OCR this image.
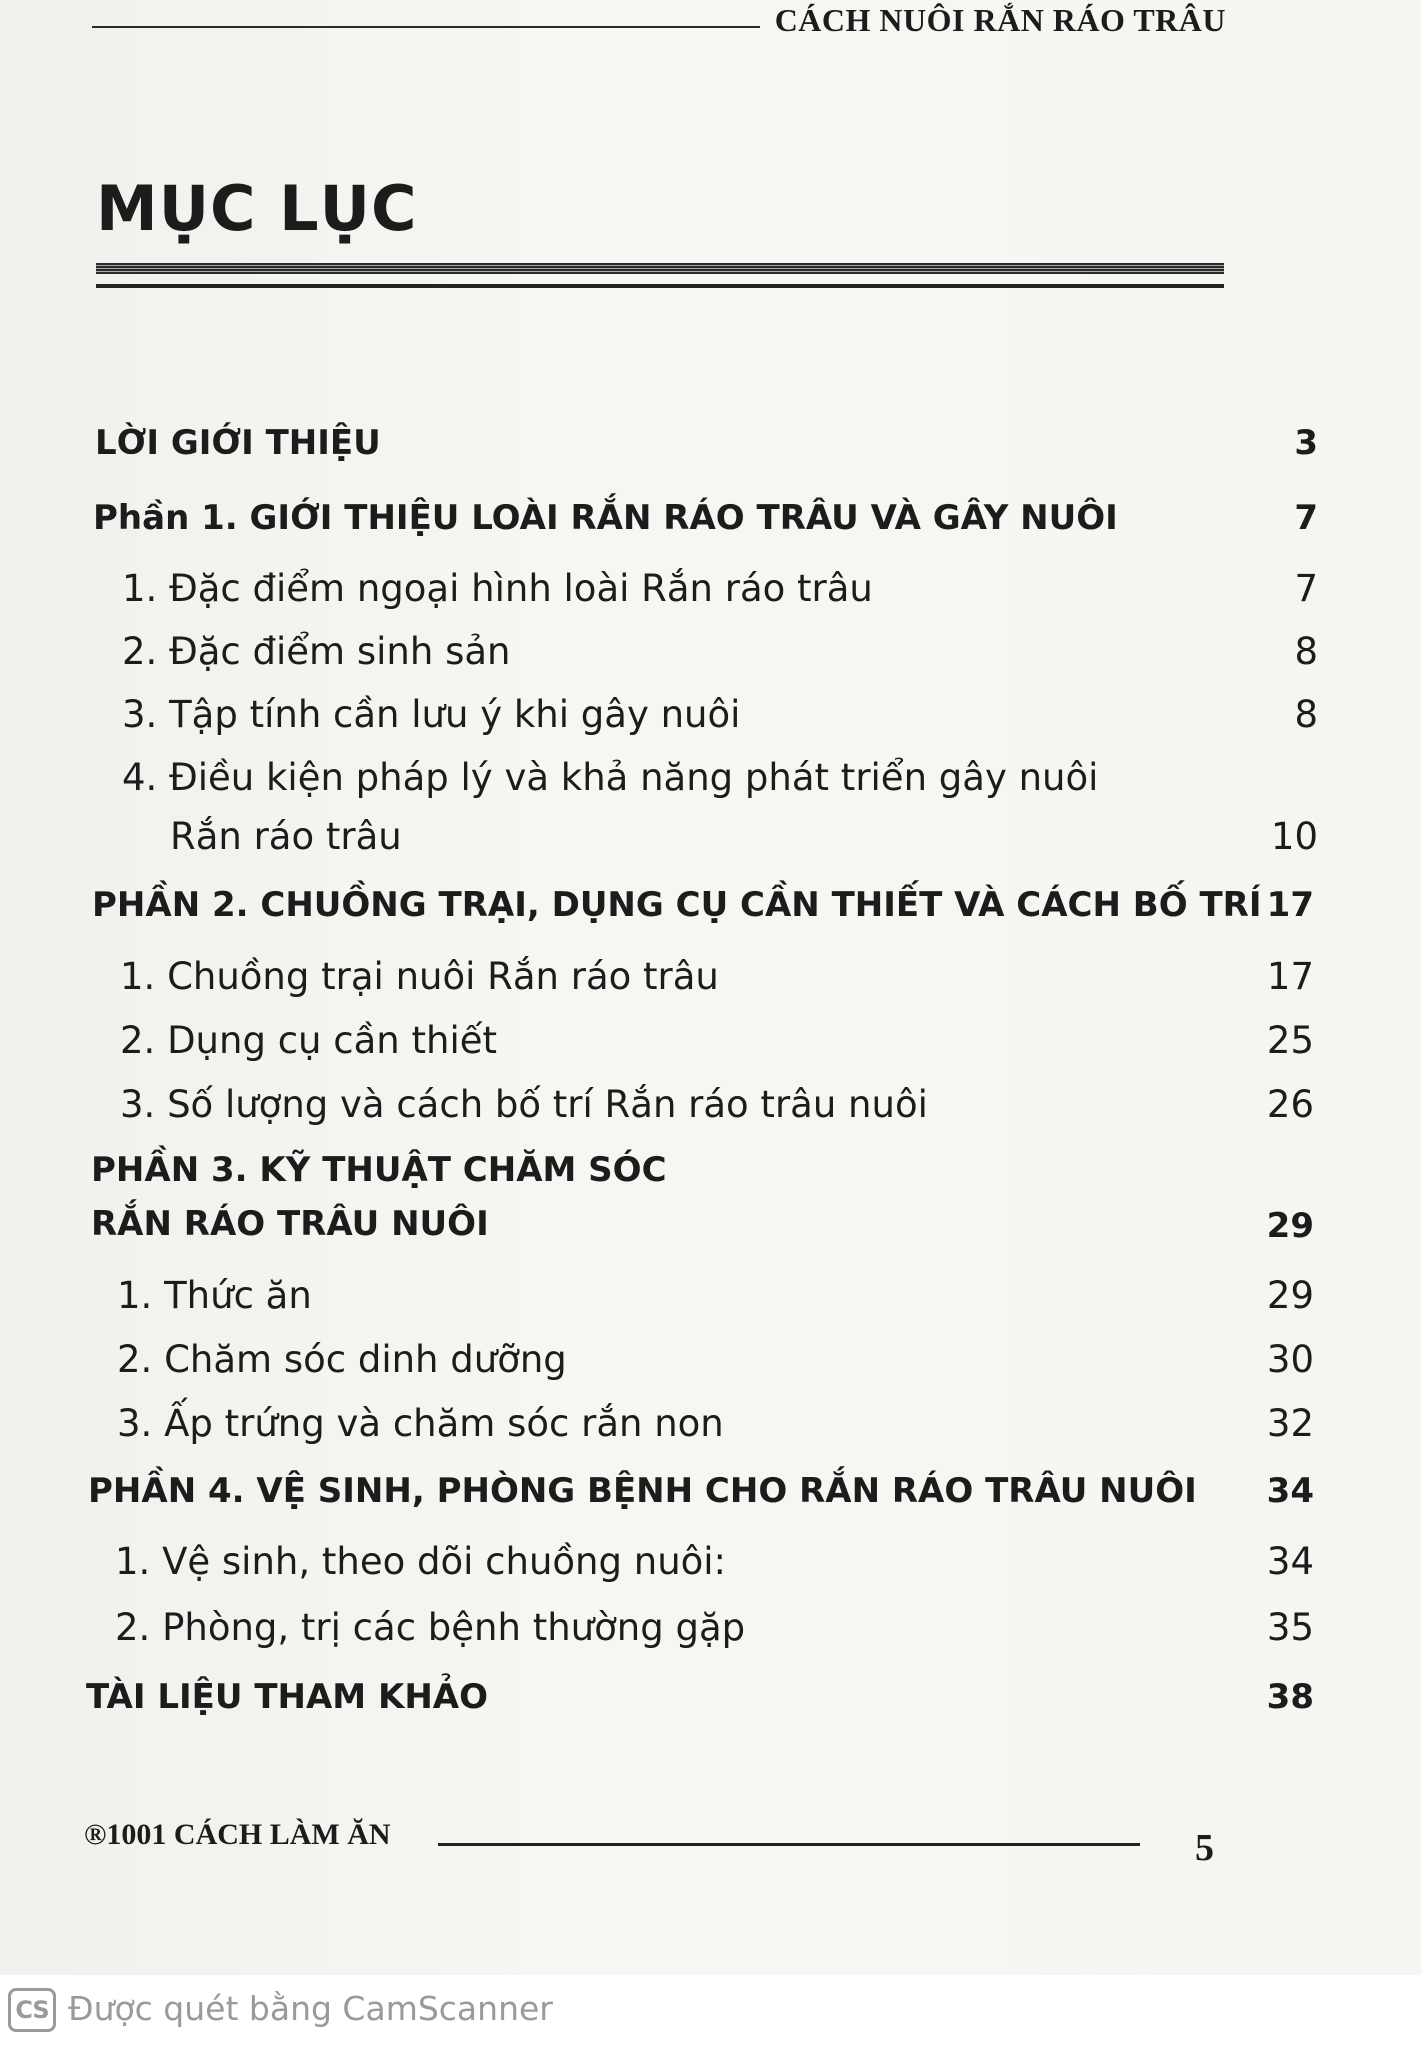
CÁCH NUÔI RẮN RÁO TRÂU
MỤC LỤC
LỜI GIỚI THIỆU	3
Phần 1. GIỚI THIỆU LOÀI RẮN RÁO TRÂU VÀ GÂY NUÔI	7
1. Đặc điểm ngoại hình loài Rắn ráo trâu	7
2. Đặc điểm sinh sản	8
3. Tập tính cần lưu ý khi gây nuôi	8
4. Điều kiện pháp lý và khả năng phát triển gây nuôi
Rắn ráo trâu	10
PHẦN 2. CHUỒNG TRẠI, DỤNG CỤ CẦN THIẾT VÀ CÁCH BỐ TRÍ 17
1. Chuồng trại nuôi Rắn ráo trâu	17
2. Dụng cụ cần thiết	25
3. Số lượng và cách bố trí Rắn ráo trâu nuôi	26
PHẦN 3. KỸ THUẬT CHĂM SÓC
RẮN RÁO TRÂU NUÔI	29
1. Thức ăn	29
2. Chăm sóc dinh dưỡng	30
3. Ấp trứng và chăm sóc rắn non	32
PHẦN 4. VỆ SINH, PHÒNG BỆNH CHO RẮN RÁO TRÂU NUÔI	34
1. Vệ sinh, theo dõi chuồng nuôi:	34
2. Phòng, trị các bệnh thường gặp	35
TÀI LIỆU THAM KHẢO	38
®1001 CÁCH LÀM ĂN	5
CS Được quét bằng CamScanner
